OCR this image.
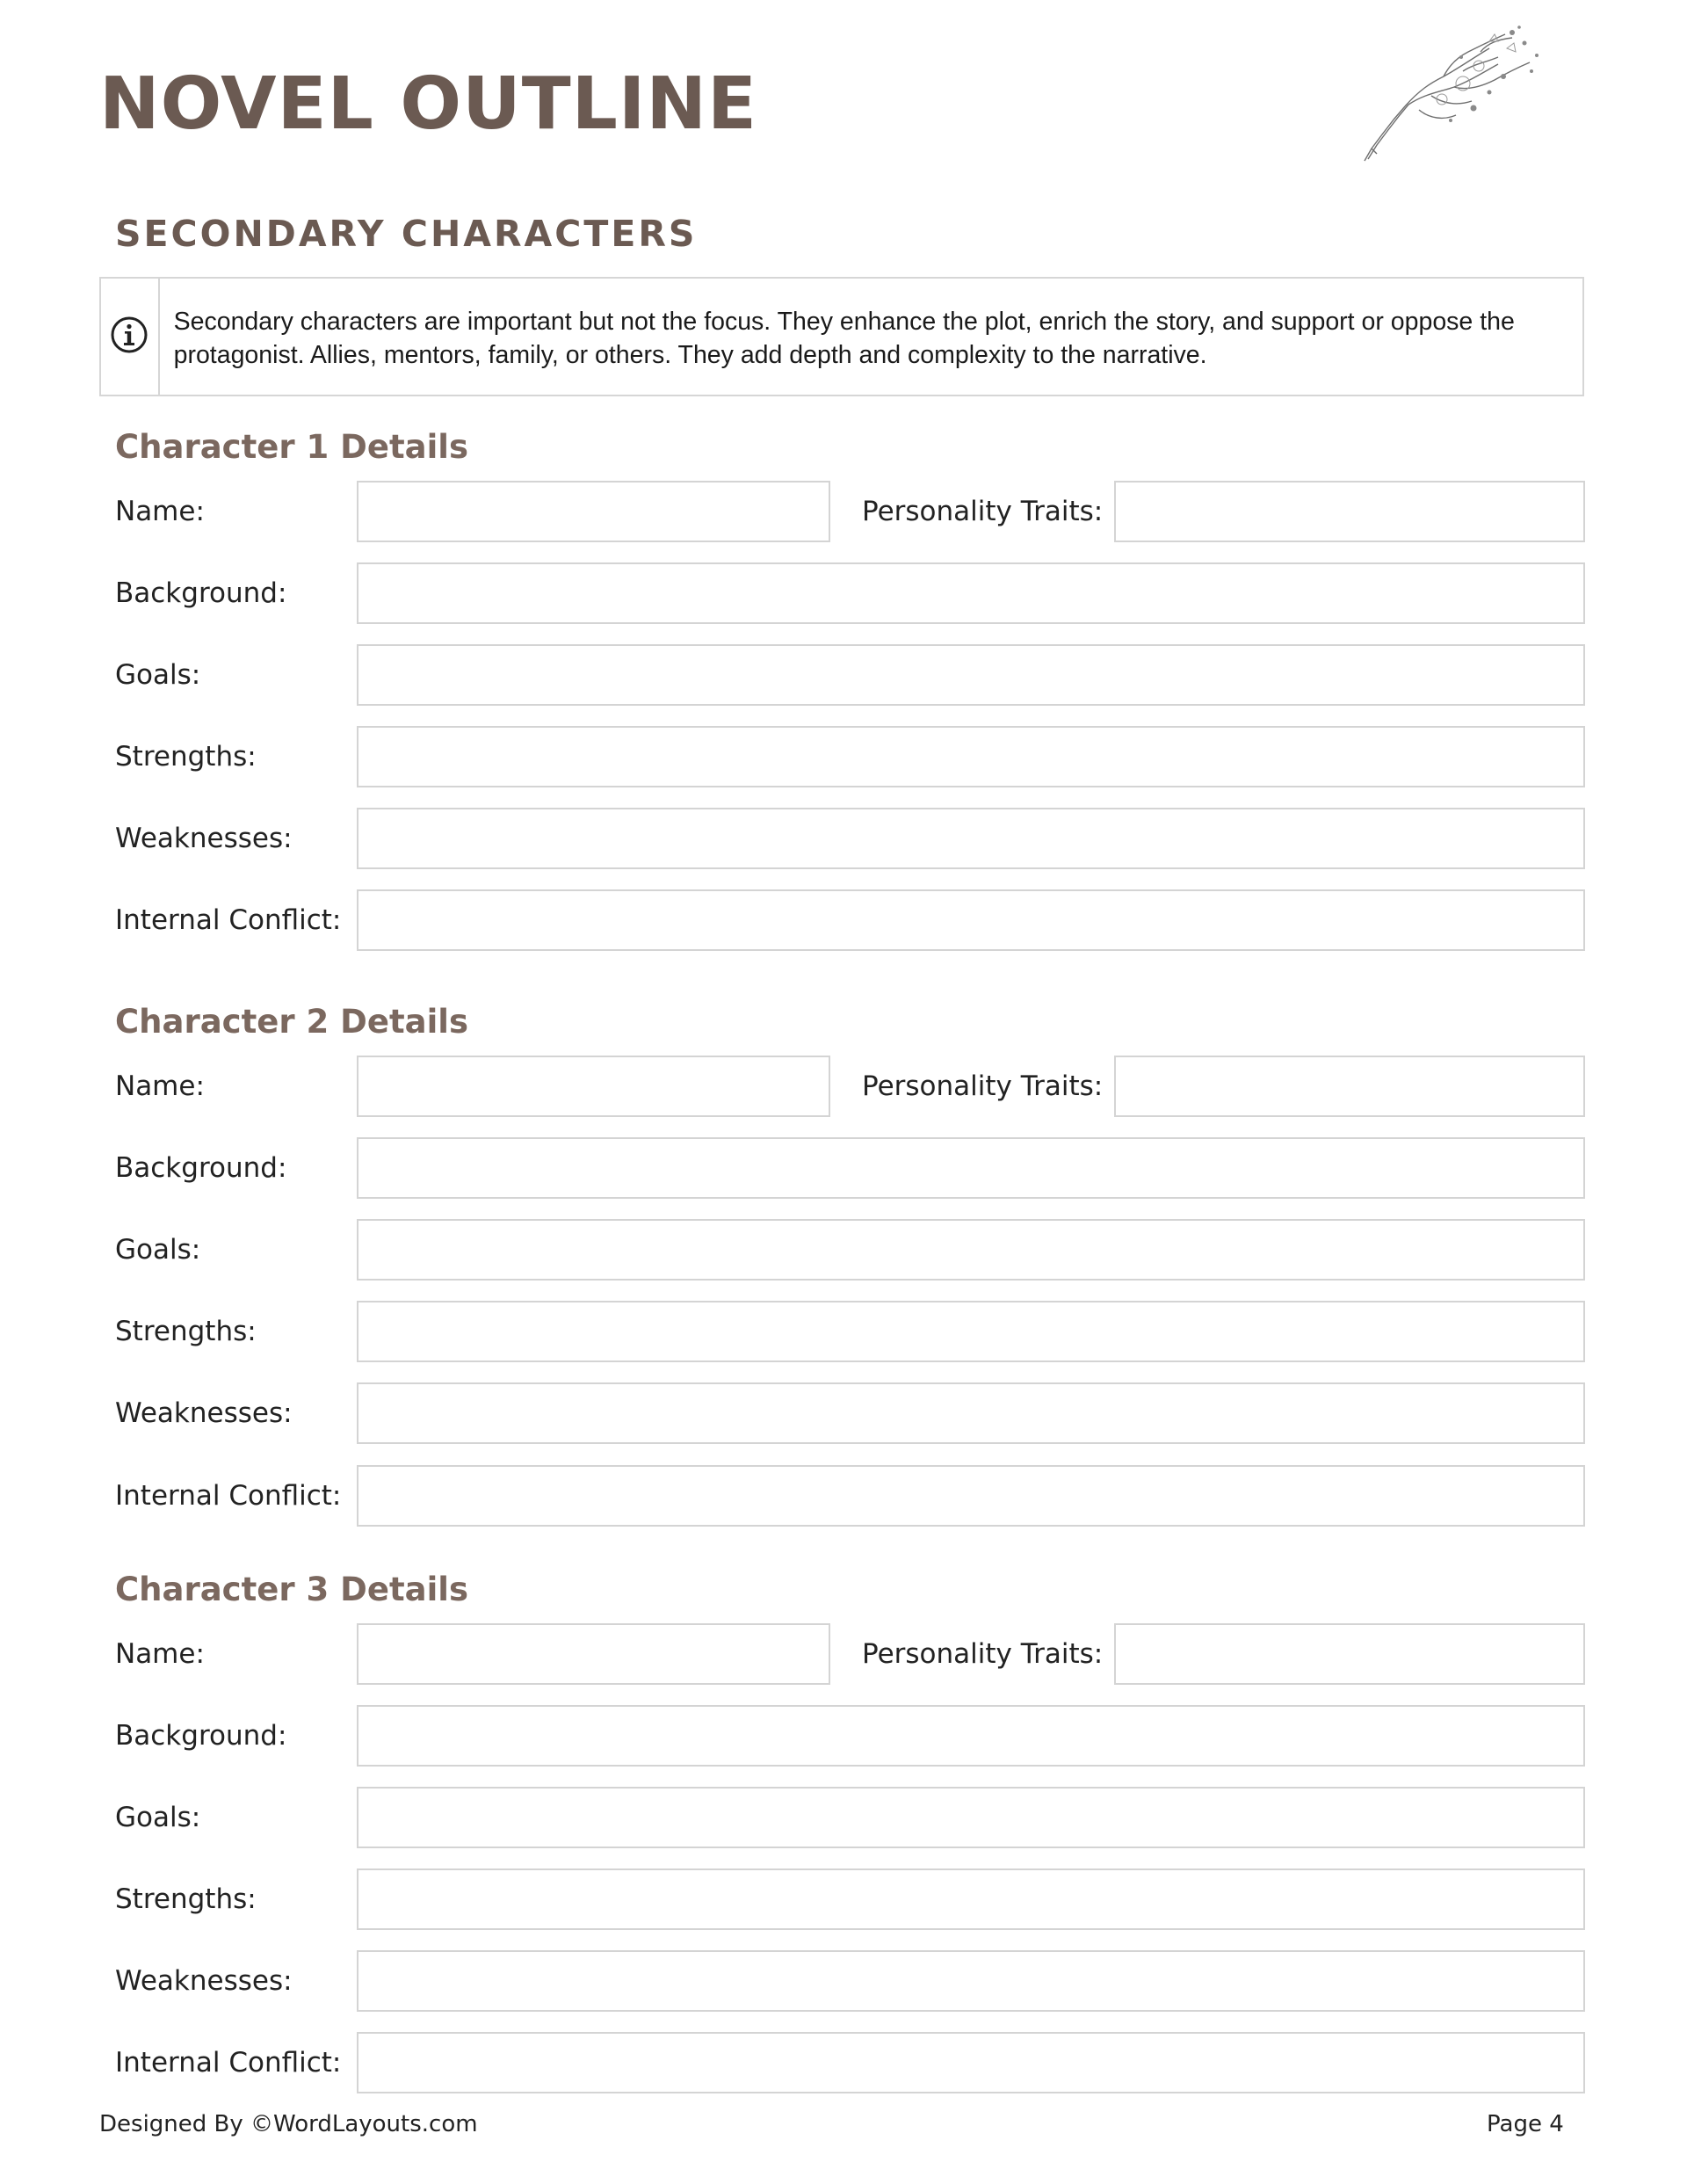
NOVEL OUTLINE
SECONDARY CHARACTERS
Secondary characters are important but not the focus. They enhance the plot, enrich the story, and support or oppose the protagonist. Allies, mentors, family, or others. They add depth and complexity to the narrative.
Character 1 Details
Name:	Personality Traits:
Background:
Goals:
Strengths:
Weaknesses:
Internal Conflict:
Character 2 Details
Name:	Personality Traits:
Background:
Goals:
Strengths:
Weaknesses:
Internal Conflict:
Character 3 Details
Name:	Personality Traits:
Background:
Goals:
Strengths:
Weaknesses:
Internal Conflict:
Designed By ©WordLayouts.com	Page 4
